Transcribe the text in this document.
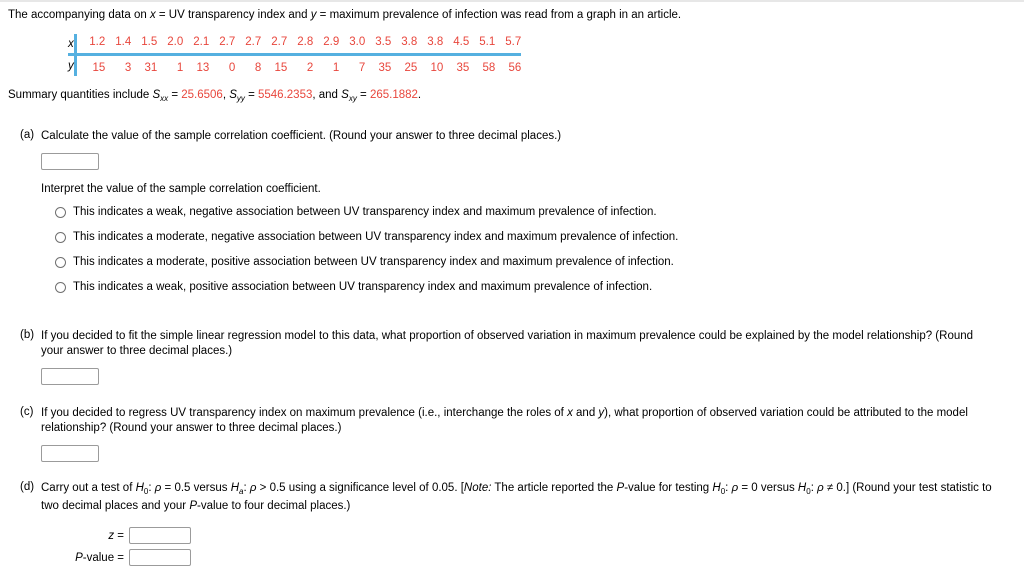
The accompanying data on x = UV transparency index and y = maximum prevalence of infection was read from a graph in an article.
x	1.2	1.4	1.5	2.0	2.1	2.7	2.7	2.7	2.8	2.9	3.0	3.5	3.8	3.8	4.5	5.1	5.7
y	15	3	31	1	13	0	8	15	2	1	7	35	25	10	35	58	56
Summary quantities include $S_{xx} = 25.6506$, $S_{yy} = 5546.2353$, and $S_{xy} = 265.1882$.
(a) Calculate the value of the sample correlation coefficient. (Round your answer to three decimal places.)
Interpret the value of the sample correlation coefficient.
This indicates a weak, negative association between UV transparency index and maximum prevalence of infection.
This indicates a moderate, negative association between UV transparency index and maximum prevalence of infection.
This indicates a moderate, positive association between UV transparency index and maximum prevalence of infection.
This indicates a weak, positive association between UV transparency index and maximum prevalence of infection.
(b) If you decided to fit the simple linear regression model to this data, what proportion of observed variation in maximum prevalence could be explained by the model relationship? (Round your answer to three decimal places.)
(c) If you decided to regress UV transparency index on maximum prevalence (i.e., interchange the roles of x and y), what proportion of observed variation could be attributed to the model relationship? (Round your answer to three decimal places.)
(d) Carry out a test of $H_0$: ρ = 0.5 versus $H_a$: ρ > 0.5 using a significance level of 0.05. [Note: The article reported the P-value for testing $H_0$: ρ = 0 versus $H_0$: ρ ≠ 0.] (Round your test statistic to two decimal places and your P-value to four decimal places.)
z =
P-value =
